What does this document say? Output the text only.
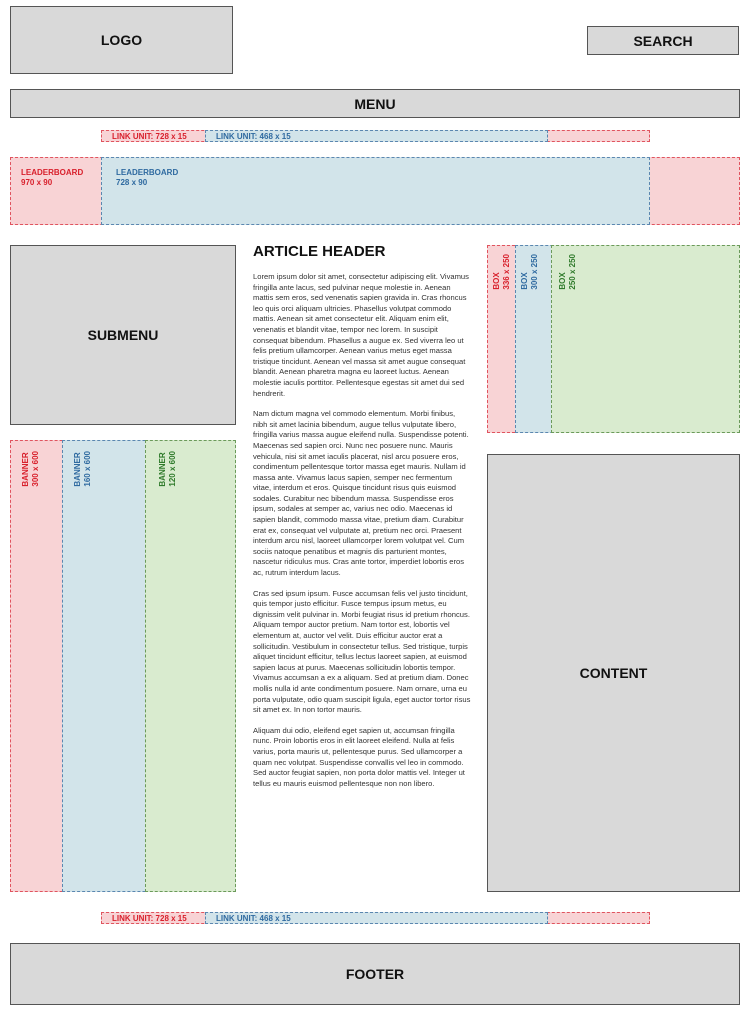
LOGO	SEARCH
MENU
LINK UNIT: 728 x 15	LINK UNIT: 468 x 15
LEADERBOARD
970 x 90
LEADERBOARD
728 x 90
SUBMENU
BANNER
300 x 600	BANNER
160 x 600	BANNER
120 x 600
ARTICLE HEADER

Lorem ipsum dolor sit amet, consectetur adipiscing elit. Vivamus fringilla ante lacus, sed pulvinar neque molestie in. Aenean mattis sem eros, sed venenatis sapien gravida in. Cras rhoncus leo quis orci aliquam ultricies. Phasellus volutpat commodo mattis. Aenean sit amet consectetur elit. Aliquam enim elit, venenatis et blandit vitae, tempor nec lorem. In suscipit consequat bibendum. Phasellus a augue ex. Sed viverra leo ut felis pretium ullamcorper. Aenean varius metus eget massa tristique tincidunt. Aenean vel massa sit amet augue consequat blandit. Aenean pharetra magna eu laoreet luctus. Aenean molestie iaculis porttitor. Pellentesque egestas sit amet dui sed hendrerit.

Nam dictum magna vel commodo elementum. Morbi finibus, nibh sit amet lacinia bibendum, augue tellus vulputate libero, fringilla varius massa augue eleifend nulla. Suspendisse potenti. Maecenas sed sapien orci. Nunc nec posuere nunc. Mauris vehicula, nisi sit amet iaculis placerat, nisl arcu posuere eros, condimentum pellentesque tortor massa eget mauris. Nullam id massa ante. Vivamus lacus sapien, semper nec fermentum vitae, interdum et eros. Quisque tincidunt risus quis euismod sodales. Curabitur nec bibendum massa. Suspendisse eros ipsum, sodales at semper ac, varius nec odio. Maecenas id sapien blandit, commodo massa vitae, pretium diam. Curabitur erat ex, consequat vel vulputate at, pretium nec orci. Praesent interdum arcu nisl, laoreet ullamcorper lorem volutpat vel. Cum sociis natoque penatibus et magnis dis parturient montes, nascetur ridiculus mus. Cras ante tortor, imperdiet lobortis eros ac, rutrum interdum lacus.

Cras sed ipsum ipsum. Fusce accumsan felis vel justo tincidunt, quis tempor justo efficitur. Fusce tempus ipsum metus, eu dignissim velit pulvinar in. Morbi feugiat risus id pretium rhoncus. Aliquam tempor auctor pretium. Nam tortor est, lobortis vel elementum at, auctor vel velit. Duis efficitur auctor erat a sollicitudin. Vestibulum in consectetur tellus. Sed tristique, turpis aliquet tincidunt efficitur, tellus lectus laoreet sapien, at euismod sapien lacus at purus. Maecenas sollicitudin lobortis tempor. Vivamus accumsan a ex a aliquam. Sed at pretium diam. Donec mollis nulla id ante condimentum posuere. Nam ornare, urna eu porta vulputate, odio quam suscipit ligula, eget auctor tortor risus sit amet ex. In non tortor mauris.

Aliquam dui odio, eleifend eget sapien ut, accumsan fringilla nunc. Proin lobortis eros in elit laoreet eleifend. Nulla at felis varius, porta mauris ut, pellentesque purus. Sed ullamcorper a quam nec volutpat. Suspendisse convallis vel leo in commodo. Sed auctor feugiat sapien, non porta dolor mattis vel. Integer ut tellus eu mauris euismod pellentesque non non libero.

BOX
336 x 250
BOX
300 x 250
BOX
250 x 250
CONTENT
LINK UNIT: 728 x 15	LINK UNIT: 468 x 15
FOOTER
